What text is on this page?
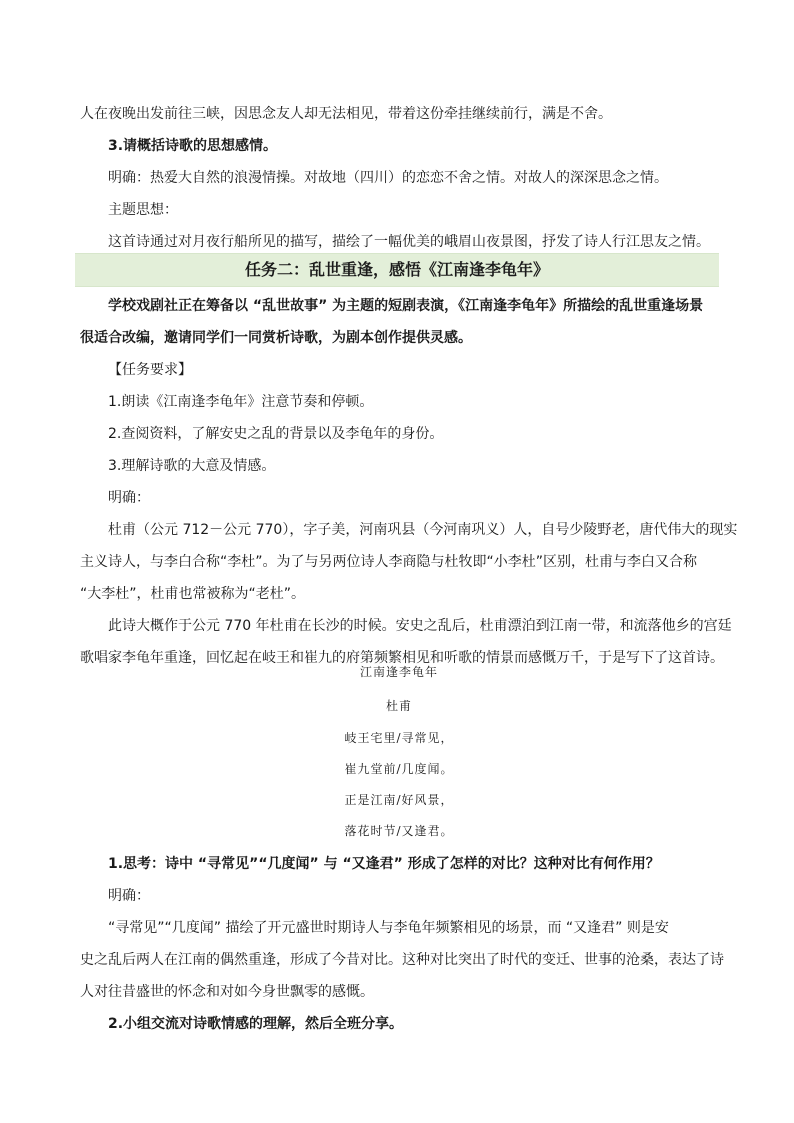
人在夜晚出发前往三峡，因思念友人却无法相见，带着这份牵挂继续前行，满是不舍。

3.请概括诗歌的思想感情。

明确：热爱大自然的浪漫情操。对故地（四川）的恋恋不舍之情。对故人的深深思念之情。

主题思想：

这首诗通过对月夜行船所见的描写，描绘了一幅优美的峨眉山夜景图，抒发了诗人行江思友之情。

任务二：乱世重逢，感悟《江南逢李龟年》

学校戏剧社正在筹备以 “乱世故事” 为主题的短剧表演，《江南逢李龟年》所描绘的乱世重逢场景

很适合改编，邀请同学们一同赏析诗歌，为剧本创作提供灵感。

【任务要求】

1.朗读《江南逢李龟年》注意节奏和停顿。

2.查阅资料，了解安史之乱的背景以及李龟年的身份。

3.理解诗歌的大意及情感。

明确：

杜甫（公元 712－公元 770），字子美，河南巩县（今河南巩义）人，自号少陵野老，唐代伟大的现实

主义诗人，与李白合称“李杜”。为了与另两位诗人李商隐与杜牧即“小李杜”区别，杜甫与李白又合称

“大李杜”，杜甫也常被称为“老杜”。

此诗大概作于公元 770 年杜甫在长沙的时候。安史之乱后，杜甫漂泊到江南一带，和流落他乡的宫廷

歌唱家李龟年重逢，回忆起在岐王和崔九的府第频繁相见和听歌的情景而感慨万千，于是写下了这首诗。

江南逢李龟年

杜甫

岐王宅里/寻常见，

崔九堂前/几度闻。

正是江南/好风景，

落花时节/又逢君。

1.思考：诗中 “寻常见”“几度闻” 与 “又逢君” 形成了怎样的对比？这种对比有何作用？

明确：

“寻常见”“几度闻” 描绘了开元盛世时期诗人与李龟年频繁相见的场景，而 “又逢君” 则是安

史之乱后两人在江南的偶然重逢，形成了今昔对比。这种对比突出了时代的变迁、世事的沧桑，表达了诗

人对往昔盛世的怀念和对如今身世飘零的感慨。

2.小组交流对诗歌情感的理解，然后全班分享。
